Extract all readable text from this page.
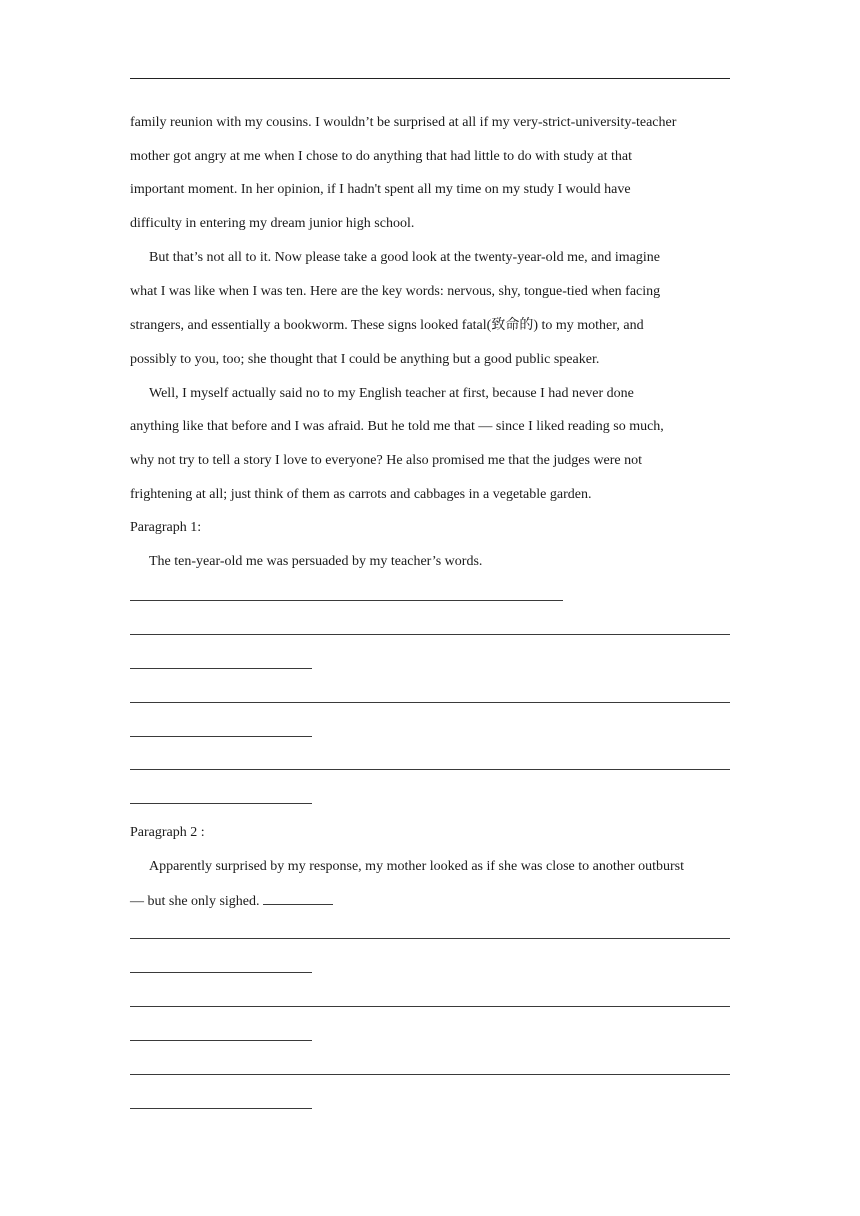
family reunion with my cousins. I wouldn’t be surprised at all if my very-strict-university-teacher

mother got angry at me when I chose to do anything that had little to do with study at that

important moment. In her opinion, if I hadn't spent all my time on my study I would have

difficulty in entering my dream junior high school.

But that’s not all to it. Now please take a good look at the twenty-year-old me, and imagine

what I was like when I was ten. Here are the key words: nervous, shy, tongue-tied when facing

strangers, and essentially a bookworm. These signs looked fatal(致命的) to my mother, and

possibly to you, too; she thought that I could be anything but a good public speaker.

Well, I myself actually said no to my English teacher at first, because I had never done

anything like that before and I was afraid. But he told me that — since I liked reading so much,

why not try to tell a story I love to everyone? He also promised me that the judges were not

frightening at all; just think of them as carrots and cabbages in a vegetable garden.

Paragraph 1:

The ten-year-old me was persuaded by my teacher’s words.

Paragraph 2 :

Apparently surprised by my response, my mother looked as if she was close to another outburst

— but she only sighed.
